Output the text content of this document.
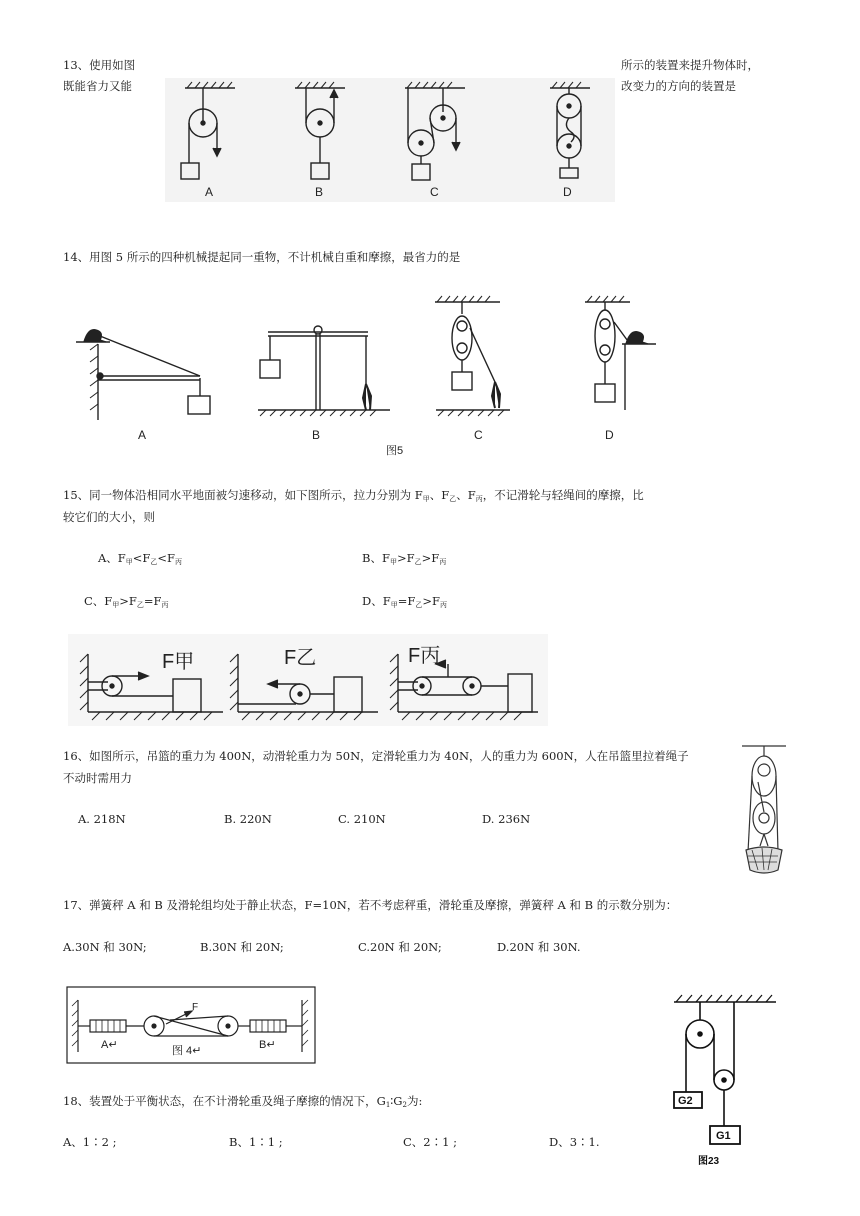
13、使用如图	所示的装置来提升物体时，
既能省力又能	改变力的方向的装置是
A	B	C	D
14、用图 5 所示的四种机械提起同一重物，不计机械自重和摩擦，最省力的是
A	B	C	D
图5
15、同一物体沿相同水平地面被匀速移动，如下图所示，拉力分别为 $F_甲$、$F_乙$、$F_丙$，不记滑轮与轻绳间的摩擦，比
较它们的大小，则
A、$F_甲<F_乙<F_丙$	B、$F_甲>F_乙>F_丙$
C、$F_甲>F_乙=F_丙$	D、$F_甲=F_乙>F_丙$
F甲	F乙	F丙
16、如图所示，吊篮的重力为 400N，动滑轮重力为 50N，定滑轮重力为 40N，人的重力为 600N，人在吊篮里拉着绳子
不动时需用力
A. 218N	B. 220N	C. 210N	D. 236N
17、弹簧秤 A 和 B 及滑轮组均处于静止状态，F=10N，若不考虑秤重，滑轮重及摩擦，弹簧秤 A 和 B 的示数分别为：
A.30N 和 30N;	B.30N 和 20N;	C.20N 和 20N;	D.20N 和 30N.
A↵	B↵
F
图 4↵
18、装置处于平衡状态，在不计滑轮重及绳子摩擦的情况下，$G_1∶G_2$为:
A、1∶2 ;	B、1∶1 ;	C、2∶1 ;	D、3∶1.
G2
G1
图23
